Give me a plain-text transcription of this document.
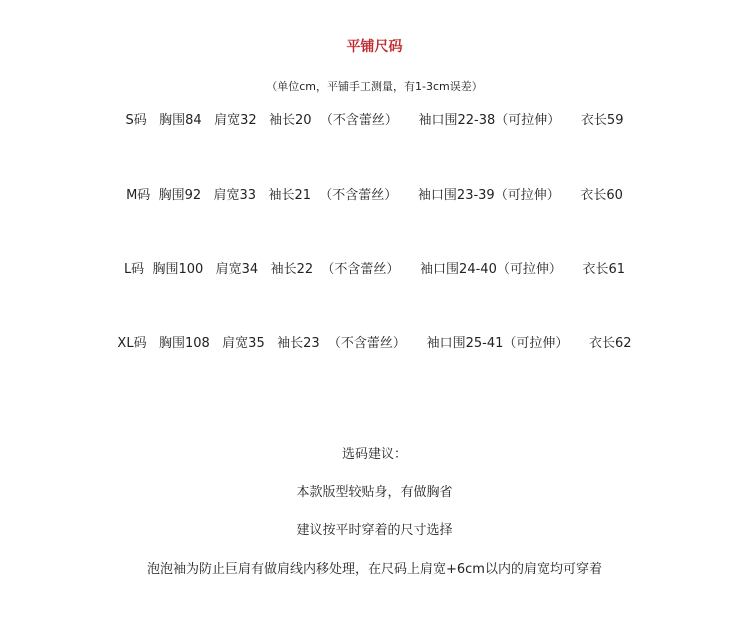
平铺尺码
（单位cm，平铺手工测量，有1-3cm误差）
S码   胸围84   肩宽32   袖长20  （不含蕾丝）     袖口围22-38（可拉伸）     衣长59
M码  胸围92   肩宽33   袖长21  （不含蕾丝）     袖口围23-39（可拉伸）     衣长60
L码  胸围100   肩宽34   袖长22  （不含蕾丝）     袖口围24-40（可拉伸）     衣长61
XL码   胸围108   肩宽35   袖长23  （不含蕾丝）     袖口围25-41（可拉伸）     衣长62
选码建议：
本款版型较贴身，有做胸省
建议按平时穿着的尺寸选择
泡泡袖为防止巨肩有做肩线内移处理，在尺码上肩宽+6cm以内的肩宽均可穿着
